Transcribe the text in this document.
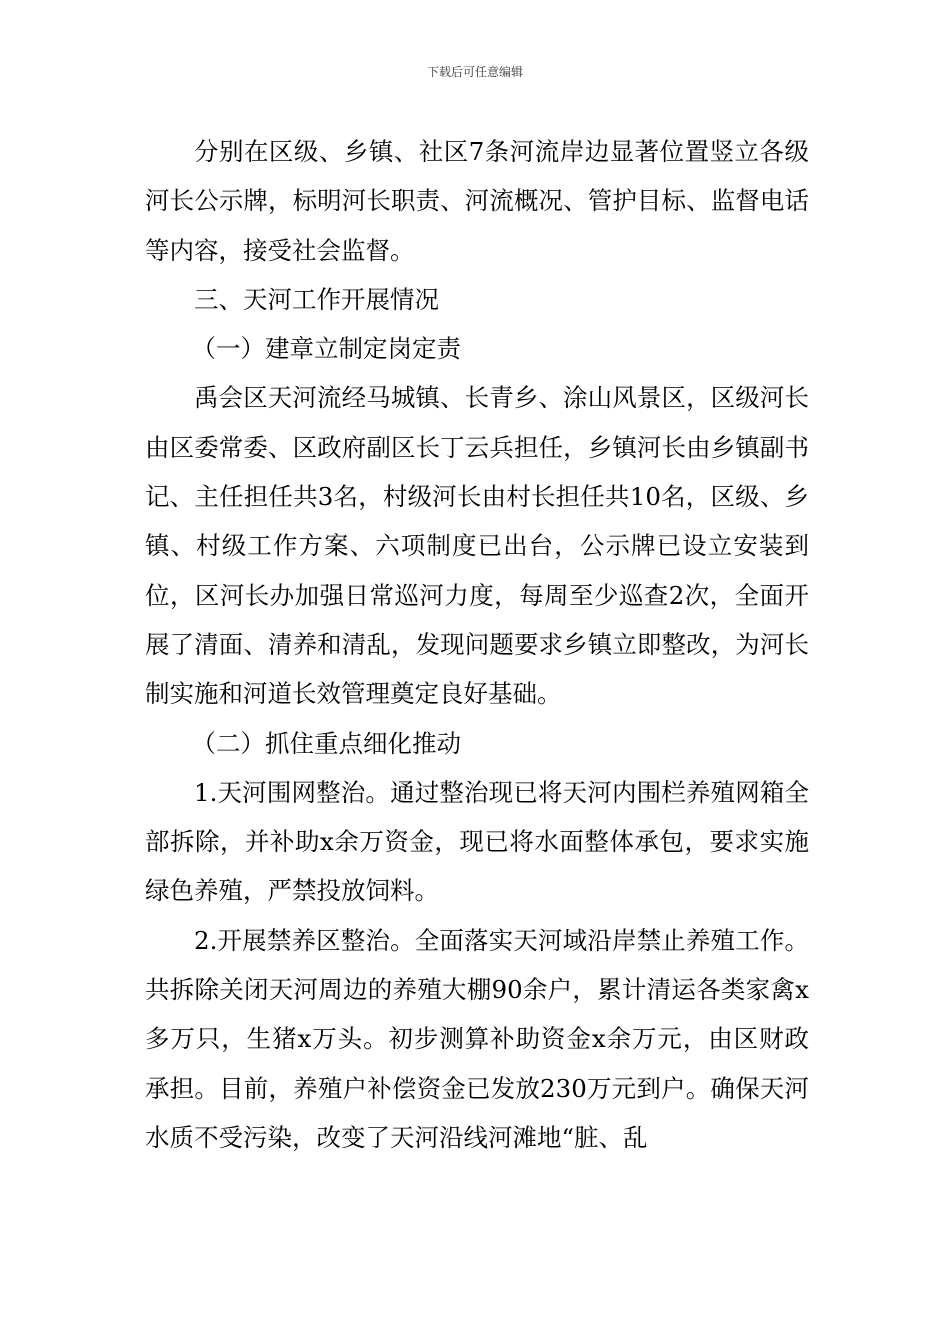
下载后可任意编辑

分别在区级、乡镇、社区7条河流岸边显著位置竖立各级河长公示牌，标明河长职责、河流概况、管护目标、监督电话等内容，接受社会监督。

三、天河工作开展情况

（一）建章立制定岗定责

禹会区天河流经马城镇、长青乡、涂山风景区，区级河长由区委常委、区政府副区长丁云兵担任，乡镇河长由乡镇副书记、主任担任共3名，村级河长由村长担任共10名，区级、乡镇、村级工作方案、六项制度已出台，公示牌已设立安装到位，区河长办加强日常巡河力度，每周至少巡查2次，全面开展了清面、清养和清乱，发现问题要求乡镇立即整改，为河长制实施和河道长效管理奠定良好基础。

（二）抓住重点细化推动

1.天河围网整治。通过整治现已将天河内围栏养殖网箱全部拆除，并补助x余万资金，现已将水面整体承包，要求实施绿色养殖，严禁投放饲料。

2.开展禁养区整治。全面落实天河域沿岸禁止养殖工作。共拆除关闭天河周边的养殖大棚90余户，累计清运各类家禽x多万只，生猪x万头。初步测算补助资金x余万元，由区财政承担。目前，养殖户补偿资金已发放230万元到户。确保天河水质不受污染，改变了天河沿线河滩地“脏、乱
